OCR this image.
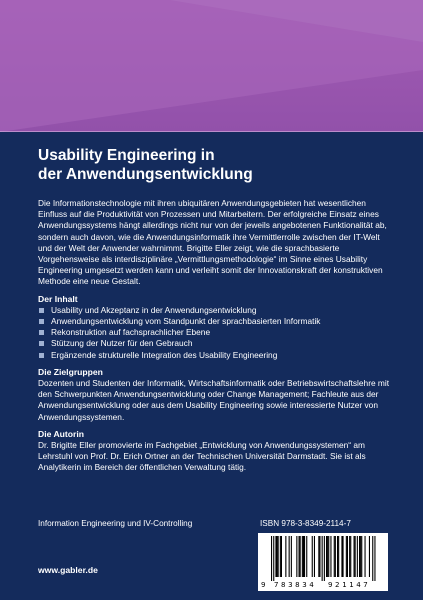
Usability Engineering in
der Anwendungsentwicklung

Die Informationstechnologie mit ihren ubiquitären Anwendungsgebieten hat wesentlichen Einfluss auf die Produktivität von Prozessen und Mitarbeitern. Der erfolgreiche Einsatz eines Anwendungssystems hängt allerdings nicht nur von der jeweils angebotenen Funktionalität ab, sondern auch davon, wie die Anwendungsinformatik ihre Vermittlerrolle zwischen der IT-Welt und der Welt der Anwender wahrnimmt. Brigitte Eller zeigt, wie die sprachbasierte Vorgehensweise als interdisziplinäre „Vermittlungsmethodologie“ im Sinne eines Usability Engineering umgesetzt werden kann und verleiht somit der Innovationskraft der konstruktiven Methode eine neue Gestalt.

Der Inhalt
Usability und Akzeptanz in der Anwendungsentwicklung
Anwendungsentwicklung vom Standpunkt der sprachbasierten Informatik
Rekonstruktion auf fachsprachlicher Ebene
Stützung der Nutzer für den Gebrauch
Ergänzende strukturelle Integration des Usability Engineering
Die Zielgruppen

Dozenten und Studenten der Informatik, Wirtschaftsinformatik oder Betriebswirtschaftslehre mit den Schwerpunkten Anwendungsentwicklung oder Change Management; Fachleute aus der Anwendungsentwicklung oder aus dem Usability Engineering sowie interessierte Nutzer von Anwendungssystemen.

Die Autorin

Dr. Brigitte Eller promovierte im Fachgebiet „Entwicklung von Anwendungssystemen“ am Lehrstuhl von Prof. Dr. Erich Ortner an der Technischen Universität Darmstadt. Sie ist als Analytikerin im Bereich der öffentlichen Verwaltung tätig.

Information Engineering und IV-Controlling	ISBN 978-3-8349-2114-7
www.gabler.de
9 783834 921147
